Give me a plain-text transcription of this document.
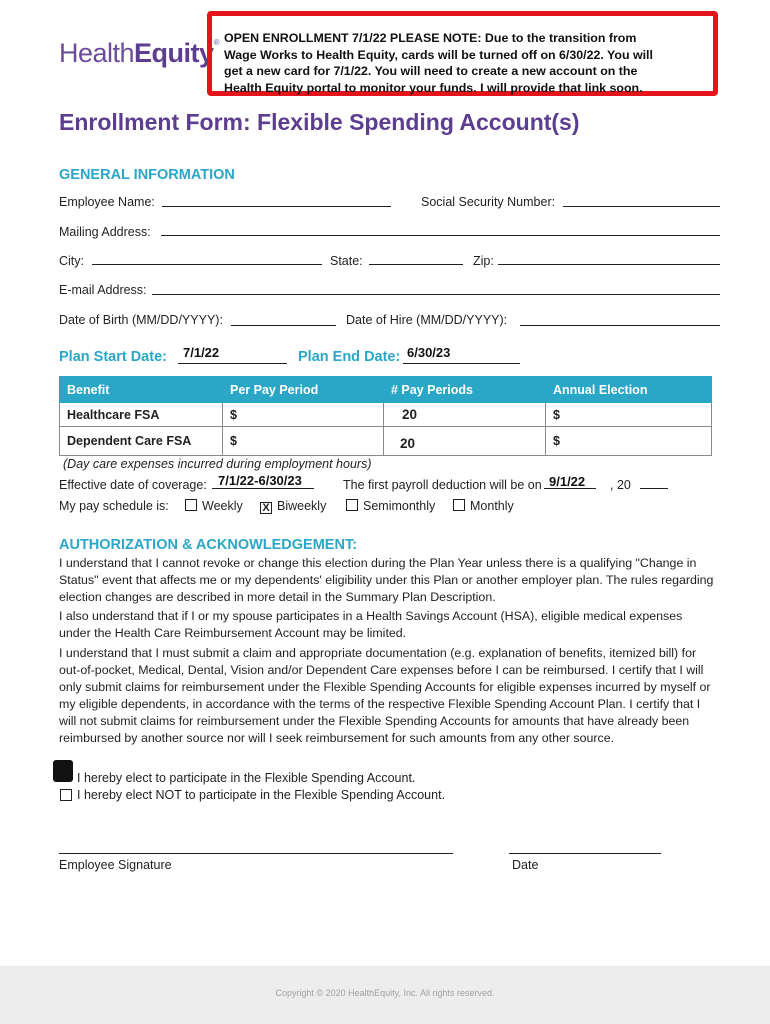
HealthEquity® OPEN ENROLLMENT 7/1/22 PLEASE NOTE: Due to the transition from
Wage Works to Health Equity, cards will be turned off on 6/30/22. You will
get a new card for 7/1/22. You will need to create a new account on the
Health Equity portal to monitor your funds. I will provide that link soon.
Enrollment Form: Flexible Spending Account(s)
GENERAL INFORMATION
Employee Name:	Social Security Number:
Mailing Address:
City:	State:	Zip:
E-mail Address:
Date of Birth (MM/DD/YYYY):	Date of Hire (MM/DD/YYYY):
Plan Start Date: 7/1/22	Plan End Date: 6/30/23
Benefit	Per Pay Period	# Pay Periods	Annual Election
Healthcare FSA	$	20	$
Dependent Care FSA	$	20	$
(Day care expenses incurred during employment hours)
Effective date of coverage: 7/1/22-6/30/23	The first payroll deduction will be on 9/1/22 , 20
My pay schedule is:	Weekly X Biweekly	Semimonthly	Monthly
AUTHORIZATION & ACKNOWLEDGEMENT:
I understand that I cannot revoke or change this election during the Plan Year unless there is a qualifying "Change in Status" event that affects me or my dependents' eligibility under this Plan or another employer plan. The rules regarding election changes are described in more detail in the Summary Plan Description.
I also understand that if I or my spouse participates in a Health Savings Account (HSA), eligible medical expenses under the Health Care Reimbursement Account may be limited.
I understand that I must submit a claim and appropriate documentation (e.g. explanation of benefits, itemized bill) for out-of-pocket, Medical, Dental, Vision and/or Dependent Care expenses before I can be reimbursed. I certify that I will only submit claims for reimbursement under the Flexible Spending Accounts for eligible expenses incurred by myself or my eligible dependents, in accordance with the terms of the respective Flexible Spending Account Plan. I certify that I will not submit claims for reimbursement under the Flexible Spending Accounts for amounts that have already been reimbursed by another source nor will I seek reimbursement for such amounts from any other source.
I hereby elect to participate in the Flexible Spending Account.
I hereby elect NOT to participate in the Flexible Spending Account.
Employee Signature	Date
Copyright © 2020 HealthEquity, Inc. All rights reserved.
